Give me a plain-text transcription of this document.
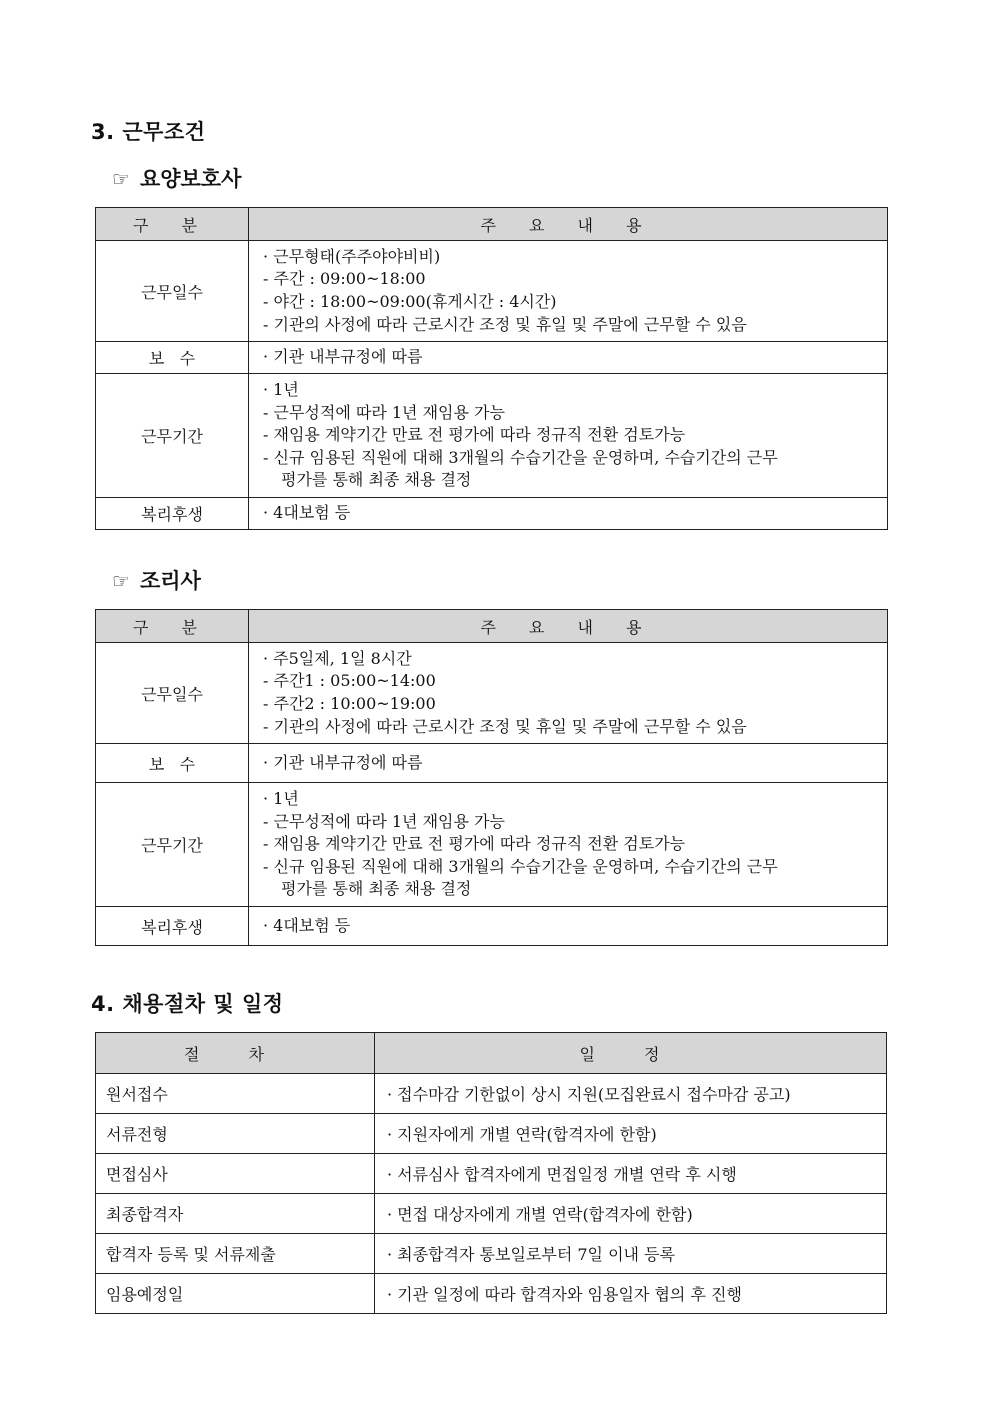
3. 근무조건
☞ 요양보호사
구 분	주 요 내 용
근무일수	· 근무형태(주주야야비비)
- 주간 : 09:00~18:00
- 야간 : 18:00~09:00(휴게시간 : 4시간)
- 기관의 사정에 따라 근로시간 조정 및 휴일 및 주말에 근무할 수 있음

보   수	· 기관 내부규정에 따름

근무기간	· 1년
- 근무성적에 따라 1년 재임용 가능
- 재임용 계약기간 만료 전 평가에 따라 정규직 전환 검토가능
- 신규 임용된 직원에 대해 3개월의 수습기간을 운영하며, 수습기간의 근무
평가를 통해 최종 채용 결정

복리후생	· 4대보험 등
☞ 조리사
구 분	주 요 내 용
근무일수	· 주5일제, 1일 8시간
- 주간1 : 05:00~14:00
- 주간2 : 10:00~19:00
- 기관의 사정에 따라 근로시간 조정 및 휴일 및 주말에 근무할 수 있음

보   수	· 기관 내부규정에 따름

근무기간	· 1년
- 근무성적에 따라 1년 재임용 가능
- 재임용 계약기간 만료 전 평가에 따라 정규직 전환 검토가능
- 신규 임용된 직원에 대해 3개월의 수습기간을 운영하며, 수습기간의 근무
평가를 통해 최종 채용 결정

복리후생	· 4대보험 등
4. 채용절차 및 일정
절 차	일 정
원서접수	· 접수마감 기한없이 상시 지원(모집완료시 접수마감 공고)
서류전형	· 지원자에게 개별 연락(합격자에 한함)
면접심사	· 서류심사 합격자에게 면접일정 개별 연락 후 시행
최종합격자	· 면접 대상자에게 개별 연락(합격자에 한함)
합격자 등록 및 서류제출	· 최종합격자 통보일로부터 7일 이내 등록
임용예정일	· 기관 일정에 따라 합격자와 임용일자 협의 후 진행
